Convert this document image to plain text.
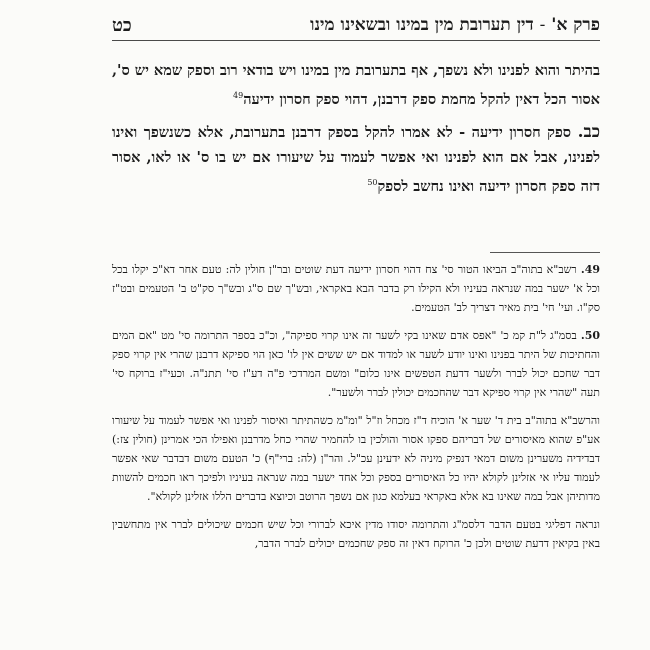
פרק א' - דין תערובת מין במינו ובשאינו מינו
כט

בהיתר והוא לפנינו ולא נשפך, אף בתערובת מין במינו ויש בודאי רוב וספק שמא יש ס', אסור הכל דאין להקל מחמת ספק דרבנן, דהוי ספק חסרון ידיעה$^{49}$

כב. ספק חסרון ידיעה - לא אמרו להקל בספק דרבנן בתערובת, אלא כשנשפך ואינו לפנינו, אבל אם הוא לפנינו ואי אפשר לעמוד על שיעורו אם יש בו ס' או לאו, אסור דזה ספק חסרון ידיעה ואינו נחשב לספק$^{50}$

49.רשב"א בתוה"ב הביאו הטור סי' צח דהוי חסרון ידיעה דעת שוטים ובר"ן חולין לה: טעם אחר דא"כ יקלו בכל וכל א' ישער במה שנראה בעיניו ולא הקילו רק בדבר הבא באקראי, ובש"ך שם ס"ג ובש"ך סק"ט ב' הטעמים ובט"ז סק"ו. ועי' חי' בית מאיר דצריך לב' הטעמים.

50.בסמ"ג ל"ת קמ כ' "אפס אדם שאינו בקי לשער זה אינו קרוי ספיקה", וכ"כ בספר התרומה סי' מט "אם המים והחתיכות של היתר בפנינו ואינו יודע לשער או למדוד אם יש ששים אין לו' כאן הוי ספיקא דרבנן שהרי אין קרוי ספק דבר שחכם יכול לברר ולשער דדעת הטפשים אינו כלום" ומשם המרדכי פ"ה דע"ז סי' תתנ"ה. וכעי"ז ברוקח סי' תעה "שהרי אין קרוי ספיקא דבר שהחכמים יכולין לברר ולשער".

והרשב"א בתוה"ב בית ד' שער א' הוכיח ד"ז מכחל וז"ל "ומ"מ כשהתיתר ואיסור לפנינו ואי אפשר לעמוד על שיעורו אע"פ שהוא מאיסורים של דבריהם ספקו אסור והולכין בו להחמיר שהרי כחל מדרבנן ואפילו הכי אמרינן (חולין צז:) דבדידיה משערינן משום דמאי דנפיק מיניה לא ידעינן עכ"ל. והר"ן (לה: ברי"ף) כ' הטעם משום דבדבר שאי אפשר לעמוד עליו אי אזלינן לקולא יהיו כל האיסורים בספק וכל אחד ישער במה שנראה בעיניו ולפיכך ראו חכמים להשוות מדותיהן אבל במה שאינו בא אלא באקראי בעלמא כגון אם נשפך הרוטב וכיוצא בדברים הללו אזלינן לקולא".

ונראה דפליגי בטעם הדבר דלסמ"ג והתרומה יסודו מדין איכא לברורי וכל שיש חכמים שיכולים לברר אין מתחשבין באין בקיאין דדעת שוטים ולכן כ' הרוקח דאין זה ספק שחכמים יכולים לברר הדבר,
